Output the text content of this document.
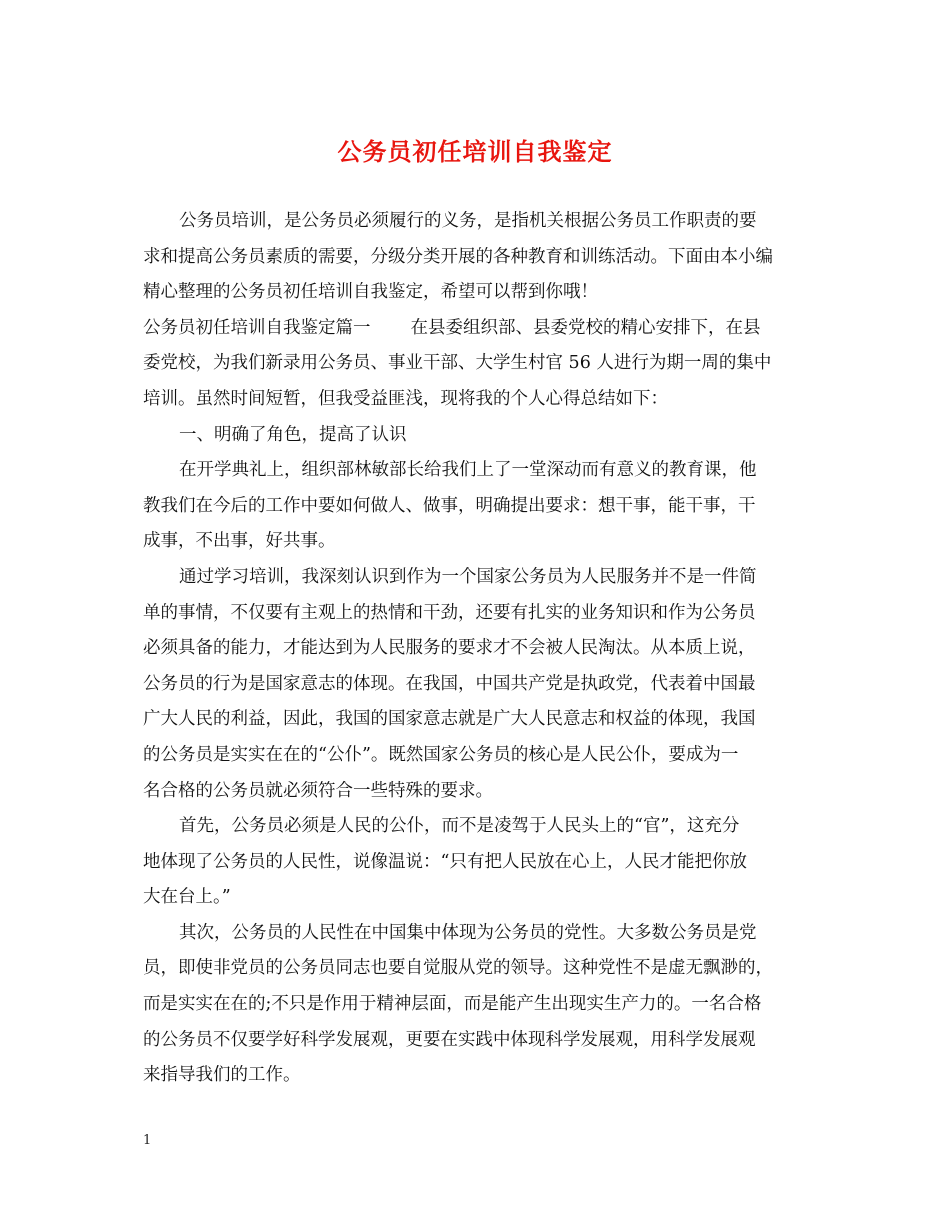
公务员初任培训自我鉴定
公务员培训，是公务员必须履行的义务，是指机关根据公务员工作职责的要
求和提高公务员素质的需要，分级分类开展的各种教育和训练活动。下面由本小编
精心整理的公务员初任培训自我鉴定，希望可以帮到你哦！
公务员初任培训自我鉴定篇一 在县委组织部、县委党校的精心安排下，在县
委党校，为我们新录用公务员、事业干部、大学生村官 56 人进行为期一周的集中
培训。虽然时间短暂，但我受益匪浅，现将我的个人心得总结如下：
一、明确了角色，提高了认识
在开学典礼上，组织部林敏部长给我们上了一堂深动而有意义的教育课，他
教我们在今后的工作中要如何做人、做事，明确提出要求：想干事，能干事，干
成事，不出事，好共事。
通过学习培训，我深刻认识到作为一个国家公务员为人民服务并不是一件简
单的事情，不仅要有主观上的热情和干劲，还要有扎实的业务知识和作为公务员
必须具备的能力，才能达到为人民服务的要求才不会被人民淘汰。从本质上说，
公务员的行为是国家意志的体现。在我国，中国共产党是执政党，代表着中国最
广大人民的利益，因此，我国的国家意志就是广大人民意志和权益的体现，我国
的公务员是实实在在的“公仆”。既然国家公务员的核心是人民公仆，要成为一
名合格的公务员就必须符合一些特殊的要求。
首先，公务员必须是人民的公仆，而不是凌驾于人民头上的“官”，这充分
地体现了公务员的人民性，说像温说：“只有把人民放在心上，人民才能把你放
大在台上。”
其次，公务员的人民性在中国集中体现为公务员的党性。大多数公务员是党
员，即使非党员的公务员同志也要自觉服从党的领导。这种党性不是虚无飘渺的，
而是实实在在的;不只是作用于精神层面，而是能产生出现实生产力的。一名合格
的公务员不仅要学好科学发展观，更要在实践中体现科学发展观，用科学发展观
来指导我们的工作。
1
